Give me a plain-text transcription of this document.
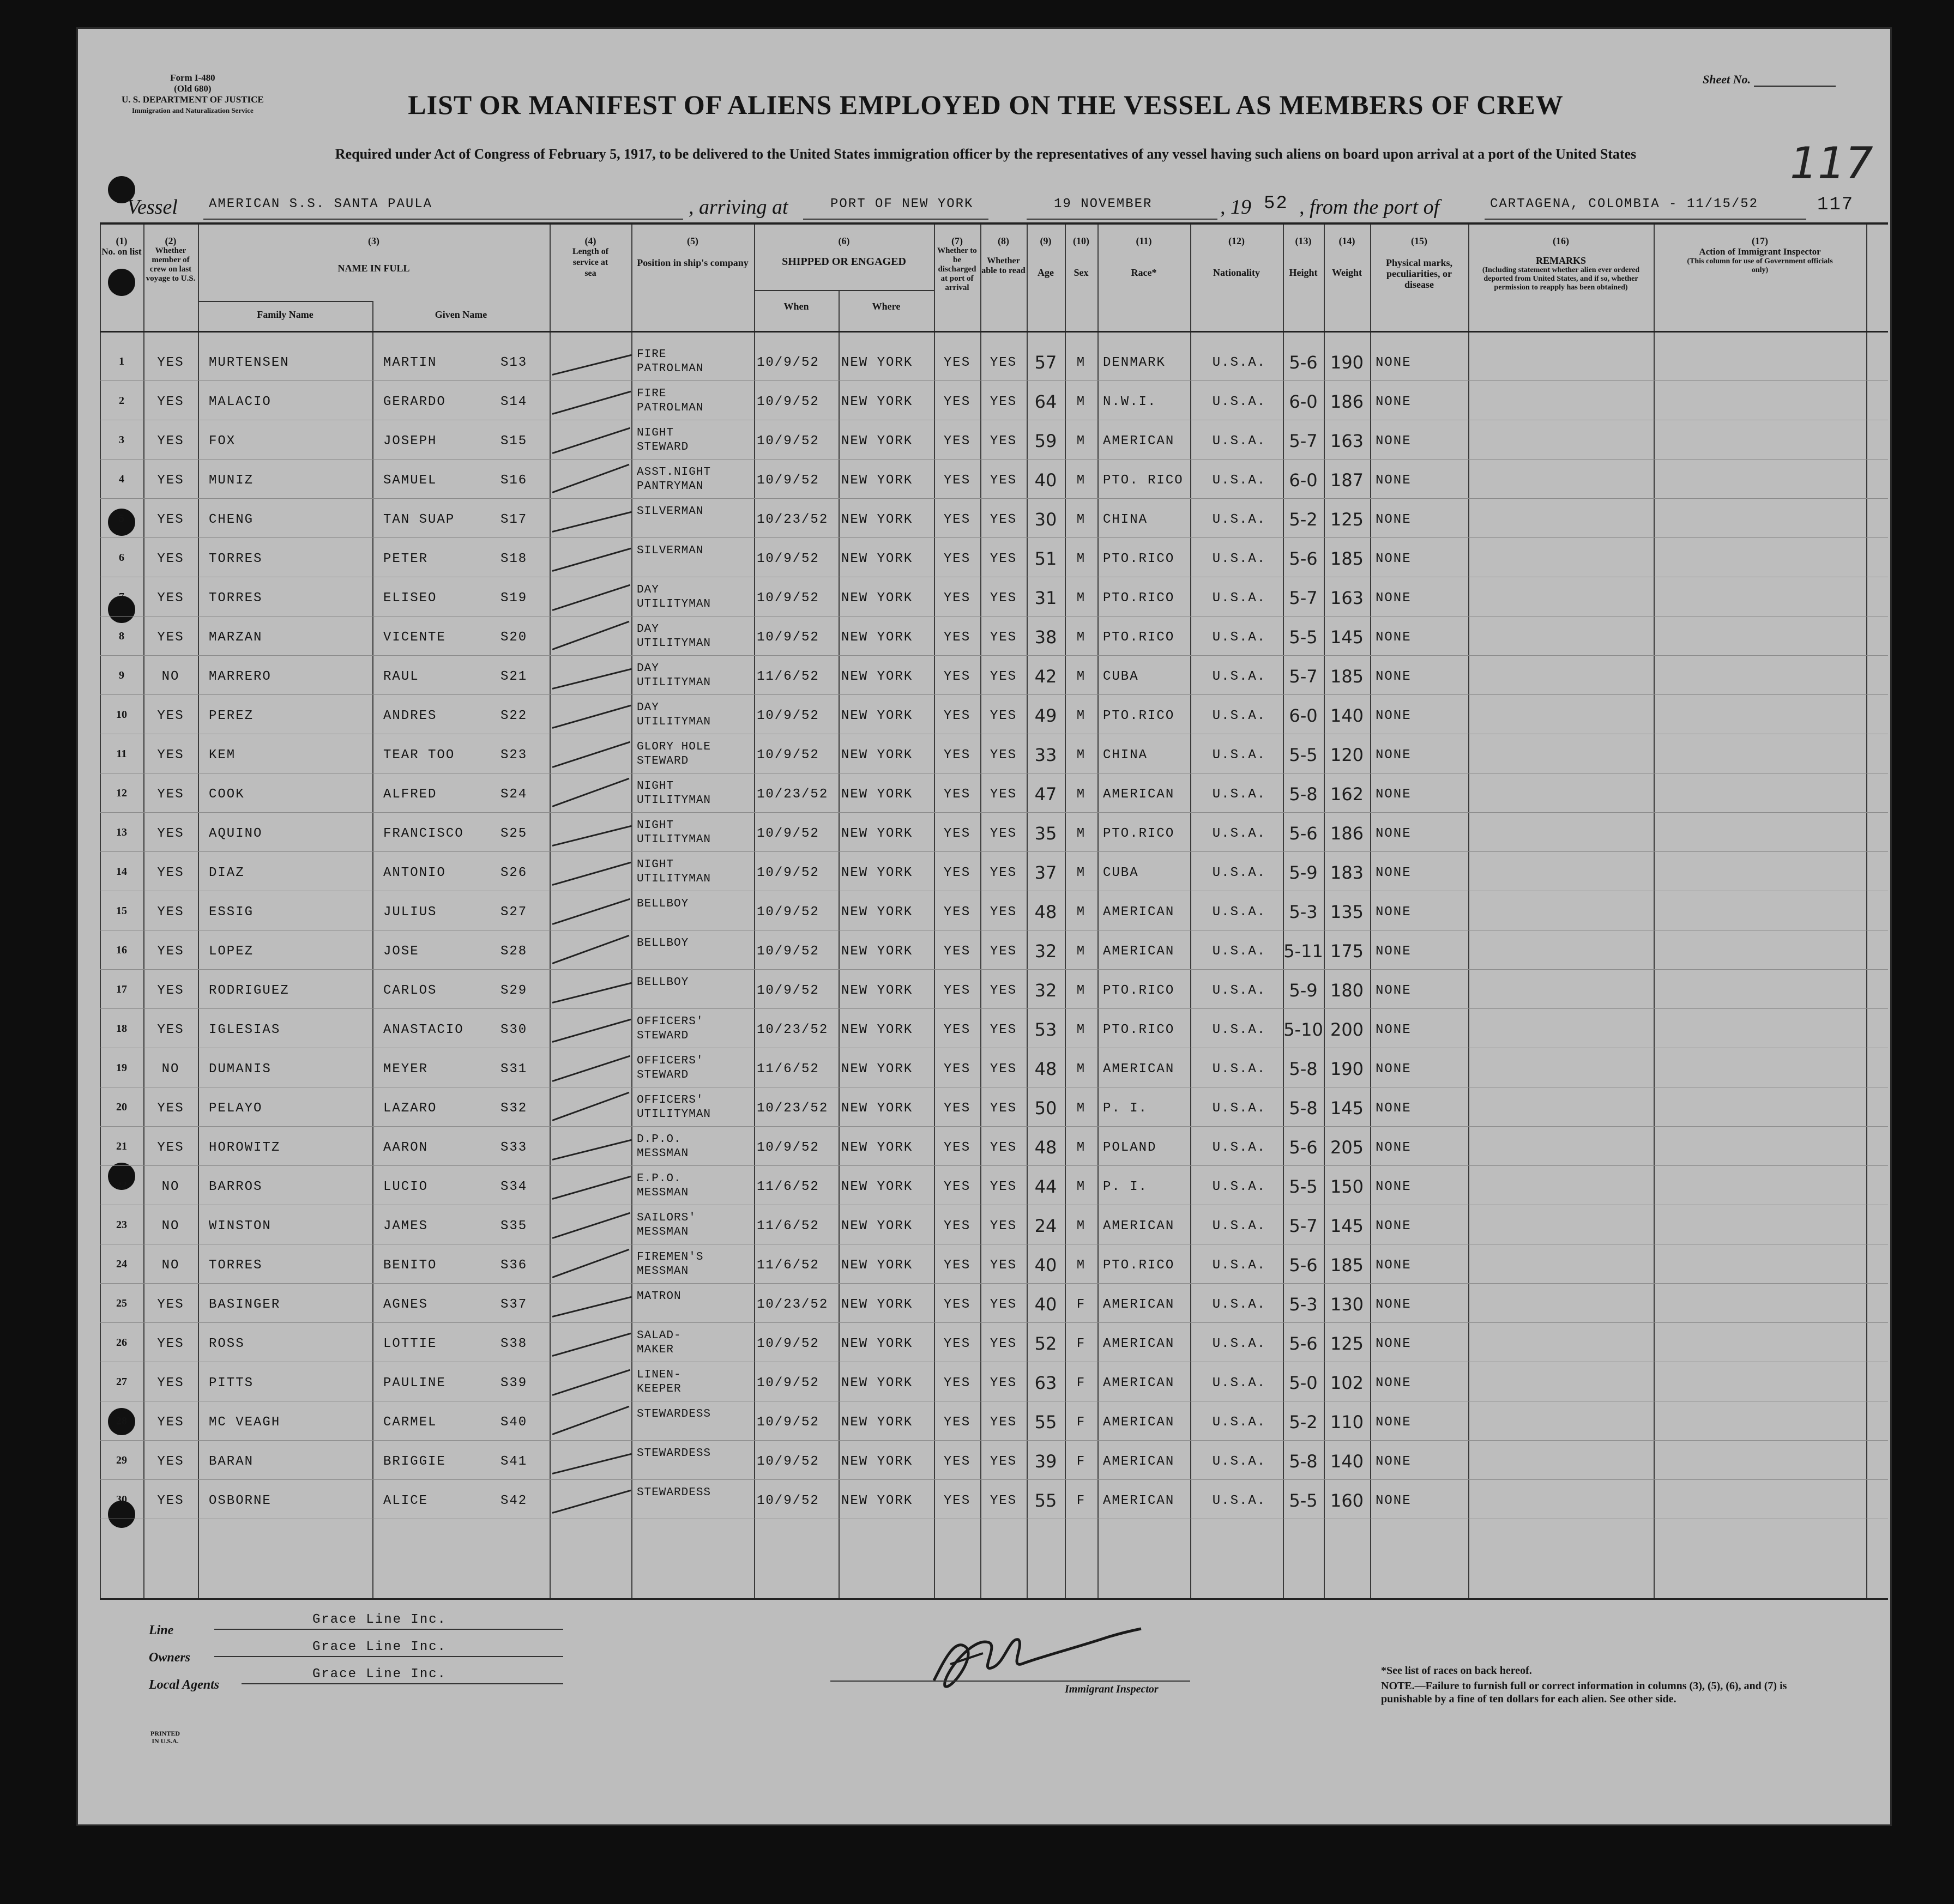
Form I-480
(Old 680)
U. S. DEPARTMENT OF JUSTICE
Immigration and Naturalization Service
Sheet No.
LIST OR MANIFEST OF ALIENS EMPLOYED ON THE VESSEL AS MEMBERS OF CREW
Required under Act of Congress of February 5, 1917, to be delivered to the United States immigration officer by the representatives of any vessel having such aliens on board upon arrival at a port of the United States	117
Vessel AMERICAN S.S. SANTA PAULA	, arriving at	PORT OF NEW YORK	19 NOVEMBER	, 19 52 , from the port of	CARTAGENA, COLOMBIA - 11/15/52	117
(1)
No. on list
(2)
Whether member of crew on last voyage to U.S.
(3)
NAME IN FULL
Family Name	Given Name
(4)
Length of service at sea
(5)
Position in ship's company
(6)
SHIPPED OR ENGAGED
When	Where
(7)
Whether to be discharged at port of arrival
(8)
Whether able to read
(9)
Age
(10)
Sex
(11)
Race*
(12)
Nationality
(13)
Height
(14)
Weight
(15)
Physical marks, peculiarities, or disease
(16)
REMARKS
(Including statement whether alien ever ordered deported from United States, and if so, whether permission to reapply has been obtained)
(17)
Action of Immigrant Inspector
(This column for use of Government officials only)
1	YES	MURTENSEN	MARTIN	S13
FIRE
PATROLMAN	10/9/52	NEW YORK	YES	YES	57	M	DENMARK	U.S.A.	5-6 190 NONE
2	YES	MALACIO	GERARDO	S14
FIRE
PATROLMAN	10/9/52	NEW YORK	YES	YES	64	M	N.W.I.	U.S.A.	6-0 186 NONE
3	YES	FOX	JOSEPH	S15
NIGHT
STEWARD	10/9/52	NEW YORK	YES	YES	59	M	AMERICAN	U.S.A.	5-7 163 NONE
4	YES	MUNIZ	SAMUEL	S16
ASST.NIGHT
PANTRYMAN	10/9/52	NEW YORK	YES	YES	40	M	PTO. RICO	U.S.A.	6-0 187 NONE
5	YES	CHENG	TAN SUAP	S17
SILVERMAN
10/23/52 NEW YORK	YES	YES	30	M	CHINA	U.S.A.	5-2 125 NONE
6	YES	TORRES	PETER	S18
SILVERMAN
10/9/52	NEW YORK	YES	YES	51	M	PTO.RICO	U.S.A.	5-6 185 NONE
7	YES	TORRES	ELISEO	S19
DAY
UTILITYMAN	10/9/52	NEW YORK	YES	YES	31	M	PTO.RICO	U.S.A.	5-7 163 NONE
8	YES	MARZAN	VICENTE	S20
DAY
UTILITYMAN	10/9/52	NEW YORK	YES	YES	38	M	PTO.RICO	U.S.A.	5-5 145 NONE
9	NO	MARRERO	RAUL	S21
DAY
UTILITYMAN	11/6/52	NEW YORK	YES	YES	42	M	CUBA	U.S.A.	5-7 185 NONE
10	YES	PEREZ	ANDRES	S22
DAY
UTILITYMAN	10/9/52	NEW YORK	YES	YES	49	M	PTO.RICO	U.S.A.	6-0 140 NONE
11	YES	KEM	TEAR TOO	S23
GLORY HOLE
STEWARD	10/9/52	NEW YORK	YES	YES	33	M	CHINA	U.S.A.	5-5 120 NONE
12	YES	COOK	ALFRED	S24
NIGHT
UTILITYMAN	10/23/52 NEW YORK	YES	YES	47	M	AMERICAN	U.S.A.	5-8 162 NONE
13	YES	AQUINO	FRANCISCO	S25
NIGHT
UTILITYMAN	10/9/52	NEW YORK	YES	YES	35	M	PTO.RICO	U.S.A.	5-6 186 NONE
14	YES	DIAZ	ANTONIO	S26
NIGHT
UTILITYMAN	10/9/52	NEW YORK	YES	YES	37	M	CUBA	U.S.A.	5-9 183 NONE
15	YES	ESSIG	JULIUS	S27
BELLBOY
10/9/52	NEW YORK	YES	YES	48	M	AMERICAN	U.S.A.	5-3 135 NONE
16	YES	LOPEZ	JOSE	S28
BELLBOY
10/9/52	NEW YORK	YES	YES	32	M	AMERICAN	U.S.A. 5-11 175 NONE
17	YES	RODRIGUEZ	CARLOS	S29
BELLBOY
10/9/52	NEW YORK	YES	YES	32	M	PTO.RICO	U.S.A.	5-9 180 NONE
18	YES	IGLESIAS	ANASTACIO	S30
OFFICERS'
STEWARD	10/23/52 NEW YORK	YES	YES	53	M	PTO.RICO	U.S.A. 5-10 200 NONE
19	NO	DUMANIS	MEYER	S31
OFFICERS'
STEWARD	11/6/52	NEW YORK	YES	YES	48	M	AMERICAN	U.S.A.	5-8 190 NONE
20	YES	PELAYO	LAZARO	S32
OFFICERS'
UTILITYMAN	10/23/52 NEW YORK	YES	YES	50	M	P. I.	U.S.A.	5-8 145 NONE
21	YES	HOROWITZ	AARON	S33
D.P.O.
MESSMAN	10/9/52	NEW YORK	YES	YES	48	M	POLAND	U.S.A.	5-6 205 NONE
22	NO	BARROS	LUCIO	S34
E.P.O.
MESSMAN	11/6/52	NEW YORK	YES	YES	44	M	P. I.	U.S.A.	5-5 150 NONE
23	NO	WINSTON	JAMES	S35
SAILORS'
MESSMAN	11/6/52	NEW YORK	YES	YES	24	M	AMERICAN	U.S.A.	5-7 145 NONE
24	NO	TORRES	BENITO	S36
FIREMEN'S
MESSMAN	11/6/52	NEW YORK	YES	YES	40	M	PTO.RICO	U.S.A.	5-6 185 NONE
25	YES	BASINGER	AGNES	S37
MATRON
10/23/52 NEW YORK	YES	YES	40	F	AMERICAN	U.S.A.	5-3 130 NONE
26	YES	ROSS	LOTTIE	S38
SALAD-
MAKER	10/9/52	NEW YORK	YES	YES	52	F	AMERICAN	U.S.A.	5-6 125 NONE
27	YES	PITTS	PAULINE	S39
LINEN-
KEEPER	10/9/52	NEW YORK	YES	YES	63	F	AMERICAN	U.S.A.	5-0 102 NONE
28	YES	MC VEAGH	CARMEL	S40
STEWARDESS
10/9/52	NEW YORK	YES	YES	55	F	AMERICAN	U.S.A.	5-2 110 NONE
29	YES	BARAN	BRIGGIE	S41
STEWARDESS
10/9/52	NEW YORK	YES	YES	39	F	AMERICAN	U.S.A.	5-8 140 NONE
30	YES	OSBORNE	ALICE	S42
STEWARDESS
10/9/52	NEW YORK	YES	YES	55	F	AMERICAN	U.S.A.	5-5 160 NONE
Line
Grace Line Inc.
Owners
Grace Line Inc.
Local Agents
Grace Line Inc.
Immigrant Inspector
*See list of races on back hereof.
NOTE.—Failure to furnish full or correct information in columns (3), (5), (6), and (7) is punishable by a fine of ten dollars for each alien. See other side.
PRINTED IN U.S.A.
